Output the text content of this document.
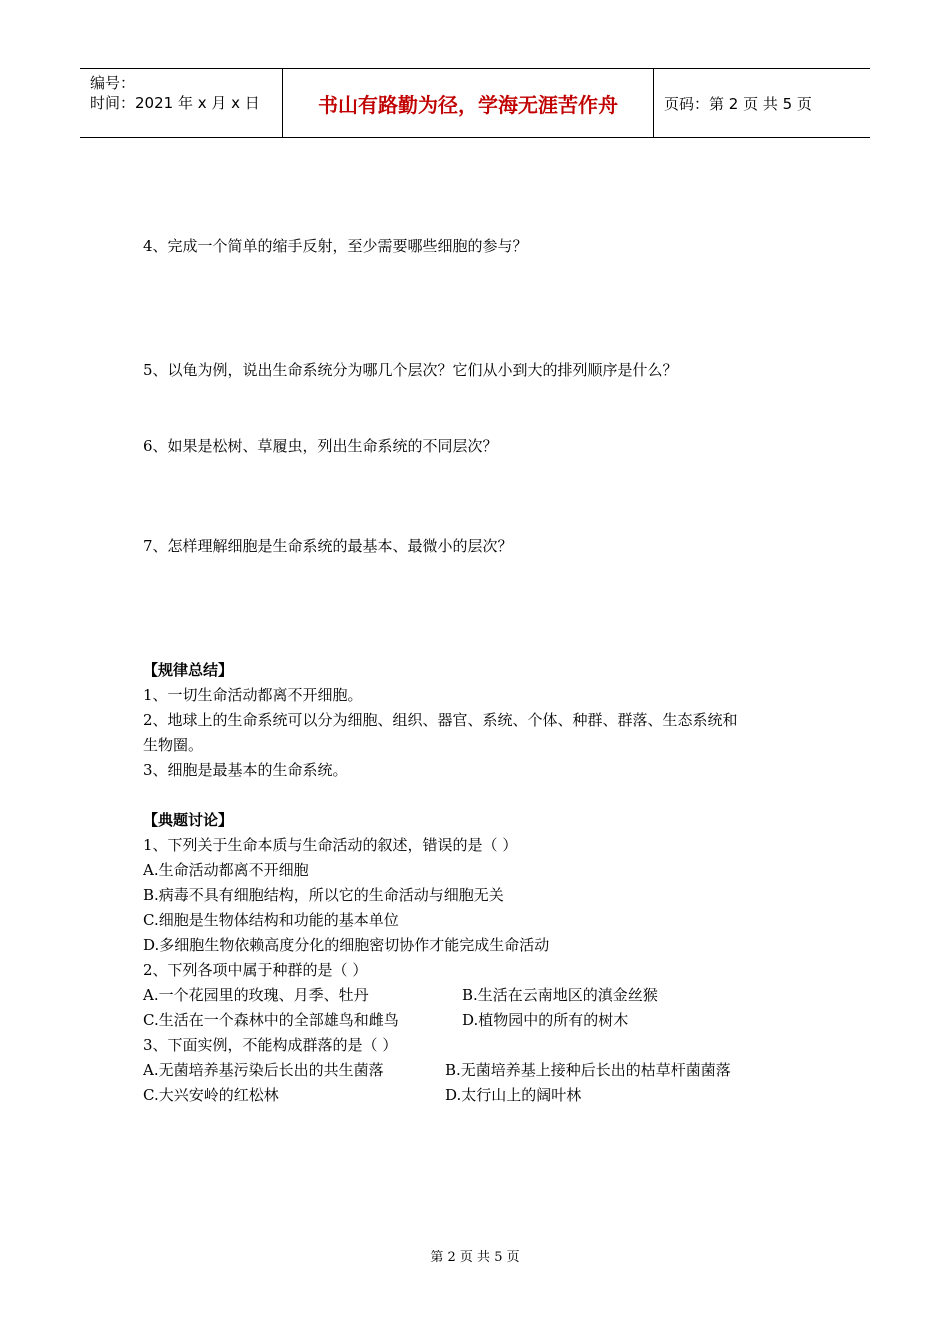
编号：
时间：2021 年 x 月 x 日	书山有路勤为径，学海无涯苦作舟	页码：第 2 页 共 5 页
4、完成一个简单的缩手反射，至少需要哪些细胞的参与？
5、以龟为例，说出生命系统分为哪几个层次？它们从小到大的排列顺序是什么？
6、如果是松树、草履虫，列出生命系统的不同层次？
7、怎样理解细胞是生命系统的最基本、最微小的层次？
【规律总结】
1、一切生命活动都离不开细胞。
2、地球上的生命系统可以分为细胞、组织、器官、系统、个体、种群、群落、生态系统和
生物圈。
3、细胞是最基本的生命系统。
【典题讨论】
1、下列关于生命本质与生命活动的叙述，错误的是（ ）
A.生命活动都离不开细胞
B.病毒不具有细胞结构，所以它的生命活动与细胞无关
C.细胞是生物体结构和功能的基本单位
D.多细胞生物依赖高度分化的细胞密切协作才能完成生命活动
2、下列各项中属于种群的是（ ）
A.一个花园里的玫瑰、月季、牡丹	B.生活在云南地区的滇金丝猴
C.生活在一个森林中的全部雄鸟和雌鸟	D.植物园中的所有的树木
3、下面实例，不能构成群落的是（ ）
A.无菌培养基污染后长出的共生菌落	B.无菌培养基上接种后长出的枯草杆菌菌落
C.大兴安岭的红松林	D.太行山上的阔叶林
第 2 页 共 5 页
